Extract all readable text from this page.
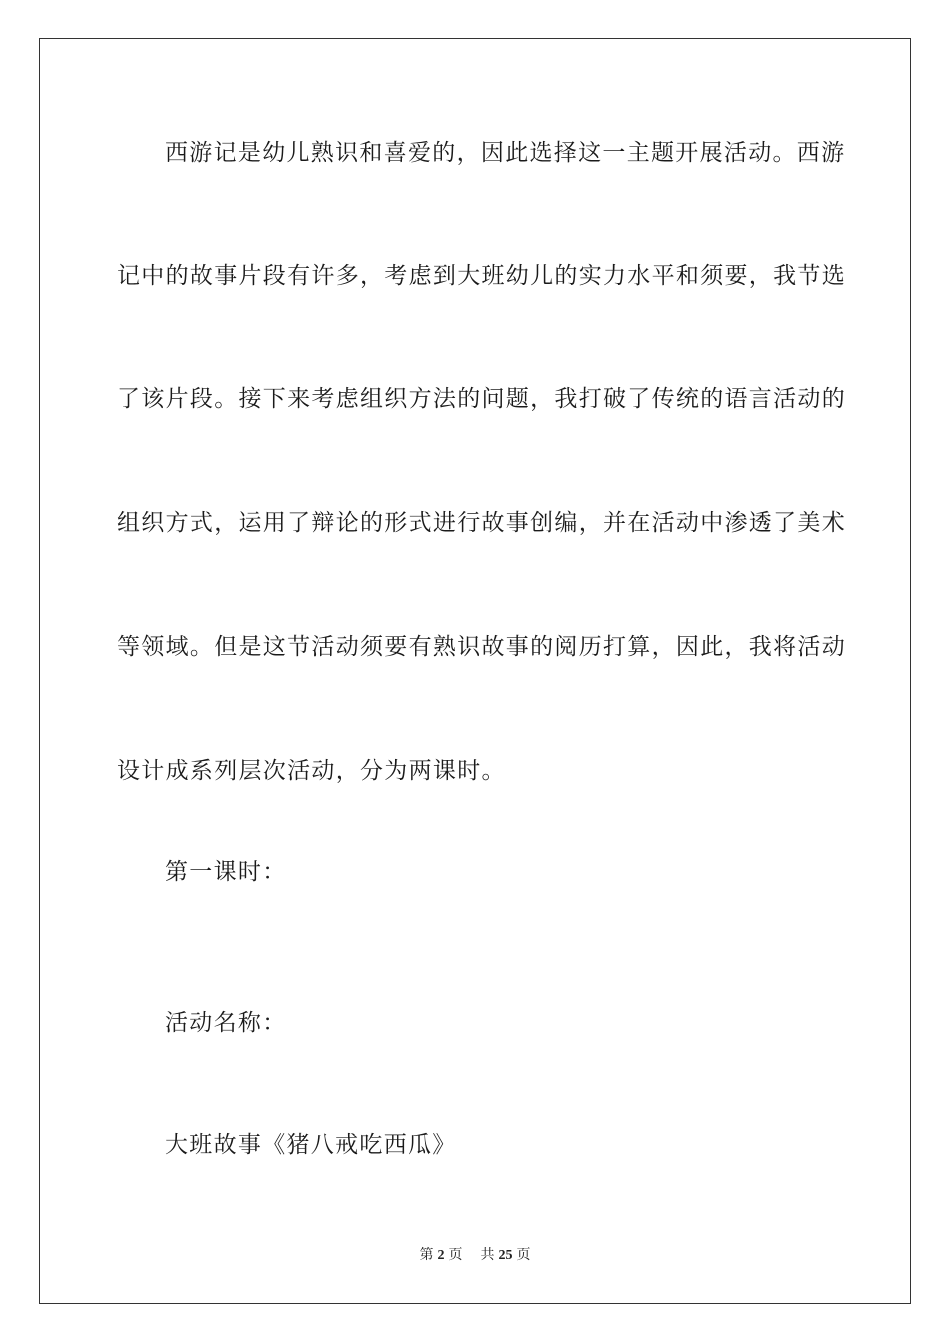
西游记是幼儿熟识和喜爱的，因此选择这一主题开展活动。西游
记中的故事片段有许多，考虑到大班幼儿的实力水平和须要，我节选
了该片段。接下来考虑组织方法的问题，我打破了传统的语言活动的
组织方式，运用了辩论的形式进行故事创编，并在活动中渗透了美术
等领域。但是这节活动须要有熟识故事的阅历打算，因此，我将活动
设计成系列层次活动，分为两课时。
第一课时：
活动名称：
大班故事《猪八戒吃西瓜》
第 2 页 共 25 页
